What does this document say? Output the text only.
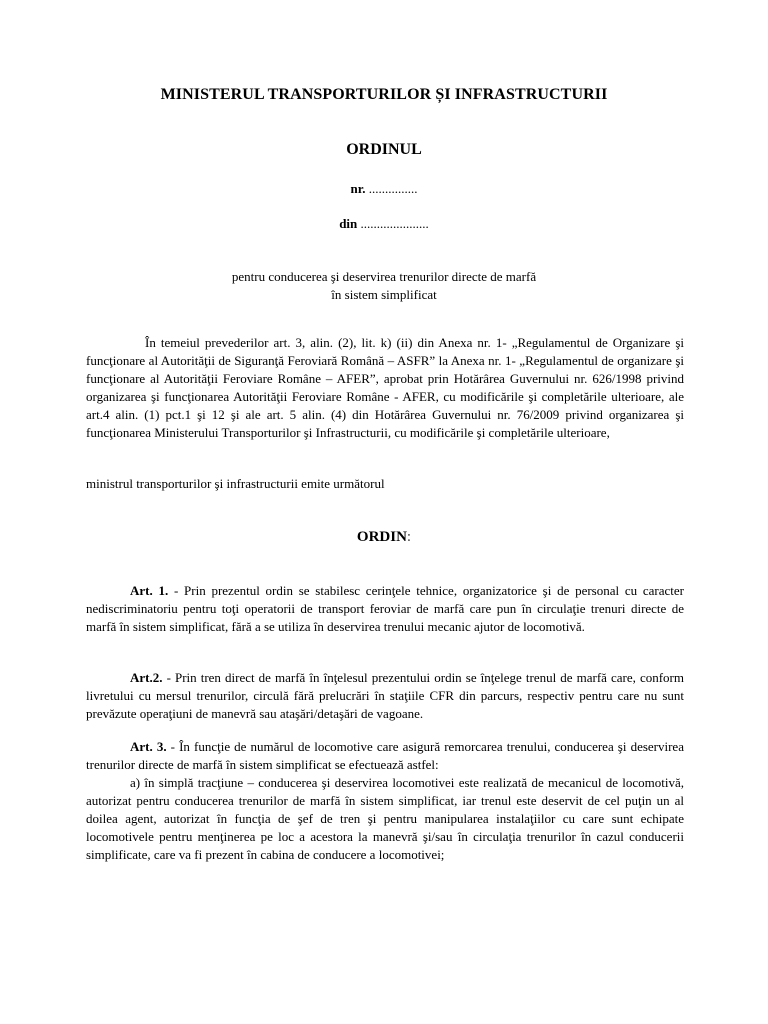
MINISTERUL TRANSPORTURILOR ȘI INFRASTRUCTURII
ORDINUL
nr. ...............
din .....................
pentru conducerea şi deservirea trenurilor directe de marfă
în sistem simplificat
În temeiul prevederilor art. 3, alin. (2), lit. k) (ii) din Anexa nr. 1- „Regulamentul de Organizare şi funcţionare al Autorităţii de Siguranţă Feroviară Română – ASFR” la Anexa nr. 1- „Regulamentul de organizare şi funcţionare al Autorităţii Feroviare Române – AFER”, aprobat prin Hotărârea Guvernului nr. 626/1998 privind organizarea şi funcţionarea Autorităţii Feroviare Române - AFER, cu modificările şi completările ulterioare, ale art.4 alin. (1) pct.1 şi 12 şi ale art. 5 alin. (4) din Hotărârea Guvernului nr. 76/2009 privind organizarea şi funcţionarea Ministerului Transporturilor şi Infrastructurii, cu modificările şi completările ulterioare,
ministrul transporturilor şi infrastructurii emite următorul
ORDIN:
Art. 1. - Prin prezentul ordin se stabilesc cerinţele tehnice, organizatorice şi de personal cu caracter nediscriminatoriu pentru toţi operatorii de transport feroviar de marfă care pun în circulaţie trenuri directe de marfă în sistem simplificat, fără a se utiliza în deservirea trenului mecanic ajutor de locomotivă.
Art.2. - Prin tren direct de marfă în înţelesul prezentului ordin se înţelege trenul de marfă care, conform livretului cu mersul trenurilor, circulă fără prelucrări în staţiile CFR din parcurs, respectiv pentru care nu sunt prevăzute operaţiuni de manevră sau ataşări/detaşări de vagoane.
Art. 3. - În funcţie de numărul de locomotive care asigură remorcarea trenului, conducerea şi deservirea trenurilor directe de marfă în sistem simplificat se efectuează astfel:
a) în simplă tracţiune – conducerea şi deservirea locomotivei este realizată de mecanicul de locomotivă, autorizat pentru conducerea trenurilor de marfă în sistem simplificat, iar trenul este deservit de cel puţin un al doilea agent, autorizat în funcţia de şef de tren şi pentru manipularea instalaţiilor cu care sunt echipate locomotivele pentru menţinerea pe loc a acestora la manevră şi/sau în circulaţia trenurilor în cazul conducerii simplificate, care va fi prezent în cabina de conducere a locomotivei;
